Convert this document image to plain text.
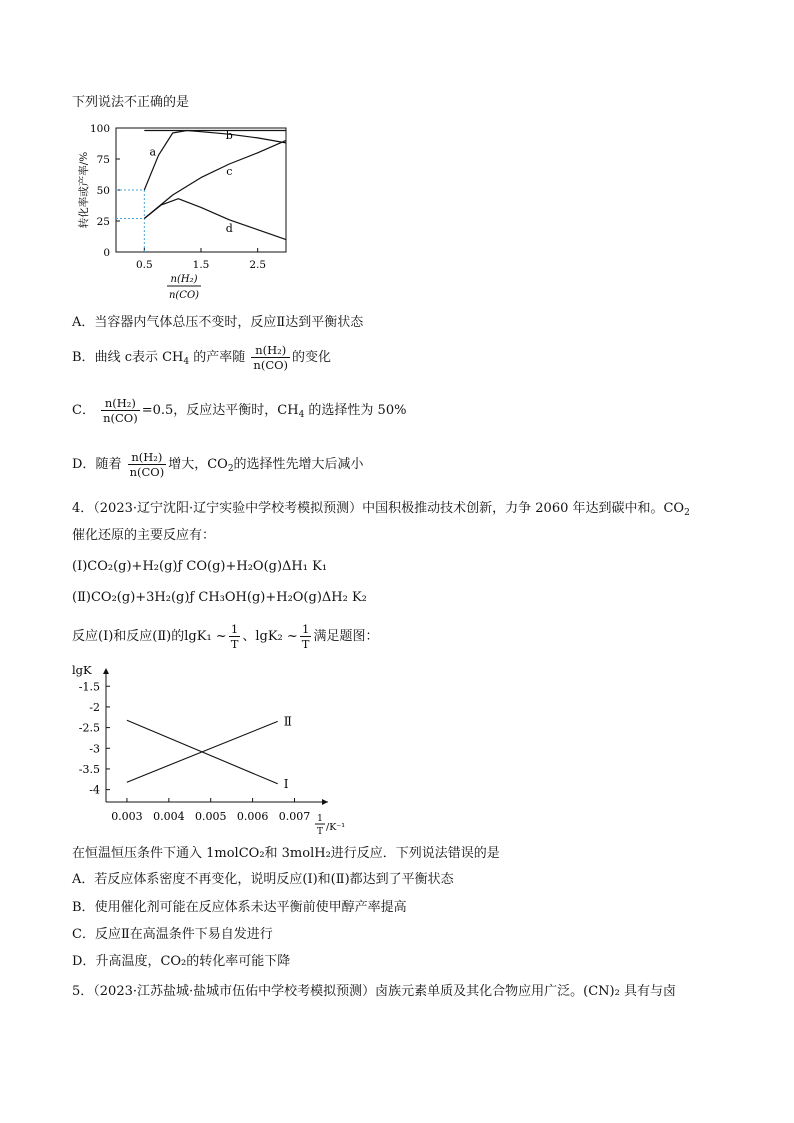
下列说法不正确的是
100
75
50
25
0
0.5	1.5	2.5
转化率或产率/%
n(H₂)
n(CO)
a
b
c
d
A．当容器内气体总压不变时，反应Ⅱ达到平衡状态
B．曲线 c表示 $CH_4$ 的产率随 $\frac{\text{n(H₂)}}{n(CO)}$ 的变化
C． $\frac{\text{n(H₂)}}{n(CO)} =0.5$，反应达平衡时，$CH_4$ 的选择性为 50%
D．随着 $\frac{\text{n(H₂)}}{n(CO)}$ 增大，$CO_2$的选择性先增大后减小
4．（2023·辽宁沈阳·辽宁实验中学校考模拟预测）中国积极推动技术创新，力争 2060 年达到碳中和。$CO_2$
催化还原的主要反应有：
(Ⅰ)CO₂(g)+H₂(g)ƒ CO(g)+H₂O(g)ΔH₁ K₁
(Ⅱ)CO₂(g)+3H₂(g)ƒ CH₃OH(g)+H₂O(g)ΔH₂ K₂
反应(Ⅰ)和反应(Ⅱ)的lgK₁ ~ $\frac{1}{T}$ 、lgK₂ ~ $\frac{1}{T}$ 满足题图：
-1.5
-2
-2.5
-3
-3.5
-4
0.003 0.004 0.005 0.006 0.007
lgK
1
T /K⁻¹
Ⅱ
I
在恒温恒压条件下通入 1molCO₂和 3molH₂进行反应．下列说法错误的是
A．若反应体系密度不再变化，说明反应(Ⅰ)和(Ⅱ)都达到了平衡状态
B．使用催化剂可能在反应体系未达平衡前使甲醇产率提高
C．反应Ⅱ在高温条件下易自发进行
D．升高温度，CO₂的转化率可能下降
5．（2023·江苏盐城·盐城市伍佑中学校考模拟预测）卤族元素单质及其化合物应用广泛。(CN)₂ 具有与卤
